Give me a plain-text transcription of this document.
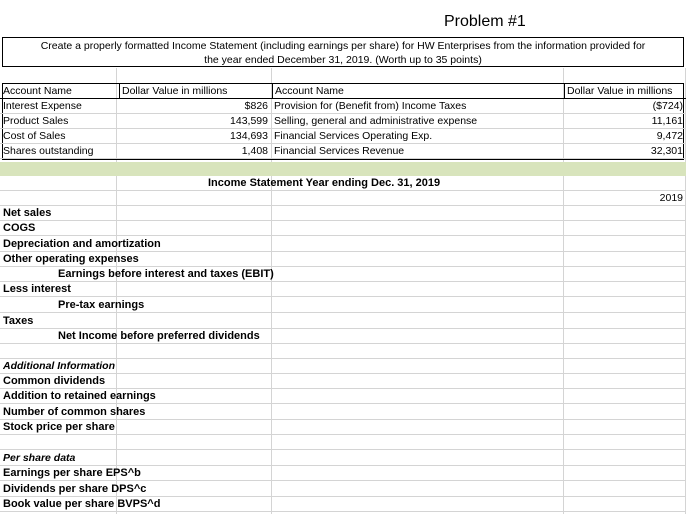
Problem #1
Create a properly formatted Income Statement (including earnings per share) for HW Enterprises from the information provided for
the year ended December 31, 2019. (Worth up to 35 points)
Account Name	Dollar Value in millions	Account Name	Dollar Value in millions
Interest Expense	$826 Provision for (Benefit from) Income Taxes	($724)
Product Sales	143,599 Selling, general and administrative expense	11,161
Cost of Sales	134,693 Financial Services Operating Exp.	9,472
Shares outstanding	1,408 Financial Services Revenue	32,301
Income Statement Year ending Dec. 31, 2019
2019
Net sales
COGS
Depreciation and amortization
Other operating expenses
Earnings before interest and taxes (EBIT)
Less interest
Pre-tax earnings
Taxes
Net Income before preferred dividends
Additional Information
Common dividends
Addition to retained earnings
Number of common shares
Stock price per share
Per share data
Earnings per share EPS^b
Dividends per share DPS^c
Book value per share BVPS^d
